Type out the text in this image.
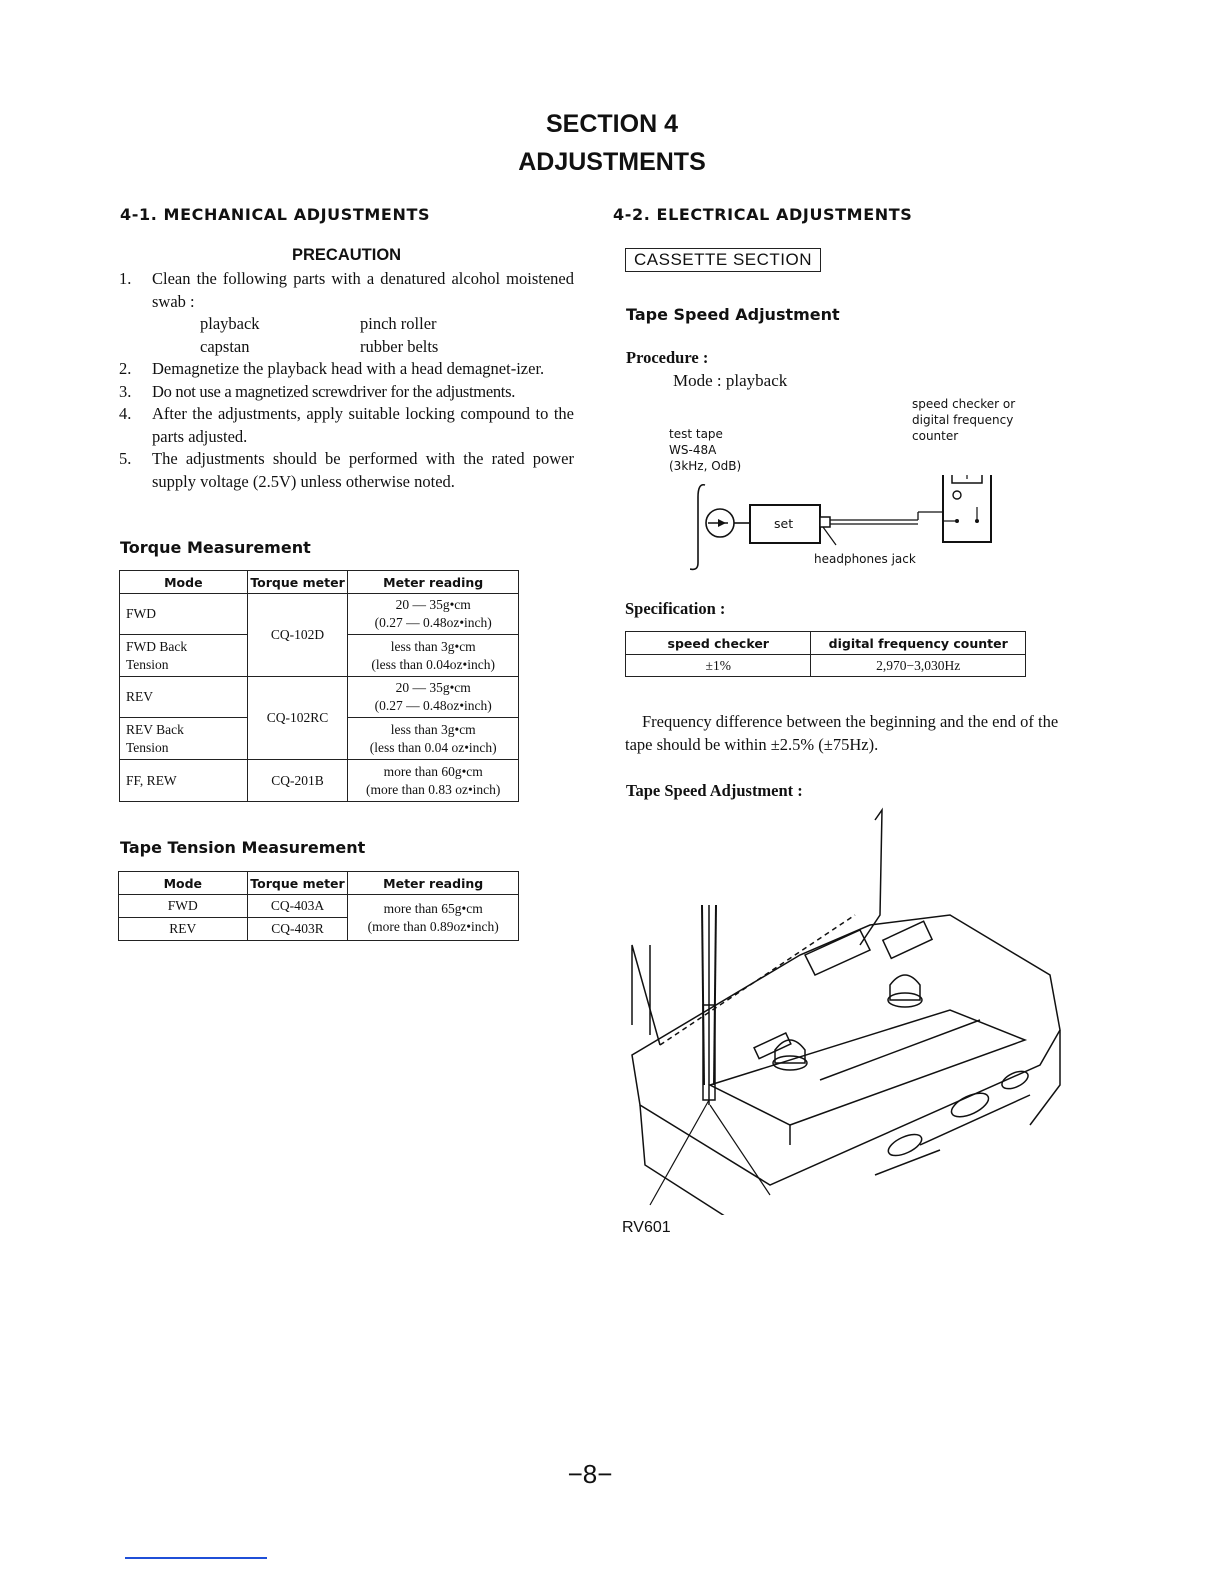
SECTION 4
ADJUSTMENTS
4-1. MECHANICAL ADJUSTMENTS
PRECAUTION
1. Clean the following parts with a denatured alcohol moistened swab :
playback	pinch roller
capstan	rubber belts
2. Demagnetize the playback head with a head demagnet-izer.
3. Do not use a magnetized screwdriver for the adjustments.
4. After the adjustments, apply suitable locking compound to the parts adjusted.
5. The adjustments should be performed with the rated power supply voltage (2.5V) unless otherwise noted.
Torque Measurement
Mode	Torque meter	Meter reading
FWD	CQ-102D	20 — 35g•cm
(0.27 — 0.48oz•inch)
FWD Back
Tension		less than 3g•cm
(less than 0.04oz•inch)
REV	CQ-102RC	20 — 35g•cm
(0.27 — 0.48oz•inch)
REV Back
Tension		less than 3g•cm
(less than 0.04 oz•inch)
FF, REW	CQ-201B	more than 60g•cm
(more than 0.83 oz•inch)
Tape Tension Measurement
Mode	Torque meter	Meter reading
FWD	CQ-403A	more than 65g•cm
(more than 0.89oz•inch)
REV	CQ-403R	
4-2. ELECTRICAL ADJUSTMENTS
CASSETTE SECTION
Tape Speed Adjustment
Procedure :
Mode : playback
test tape
WS-48A
(3kHz, OdB)
speed checker or
digital frequency
counter
headphones jack
set
Specification :
speed checker	digital frequency counter
±1%	2,970−3,030Hz
Frequency difference between the beginning and the end of the tape should be within ±2.5% (±75Hz).
Tape Speed Adjustment :
RV601
−8−
